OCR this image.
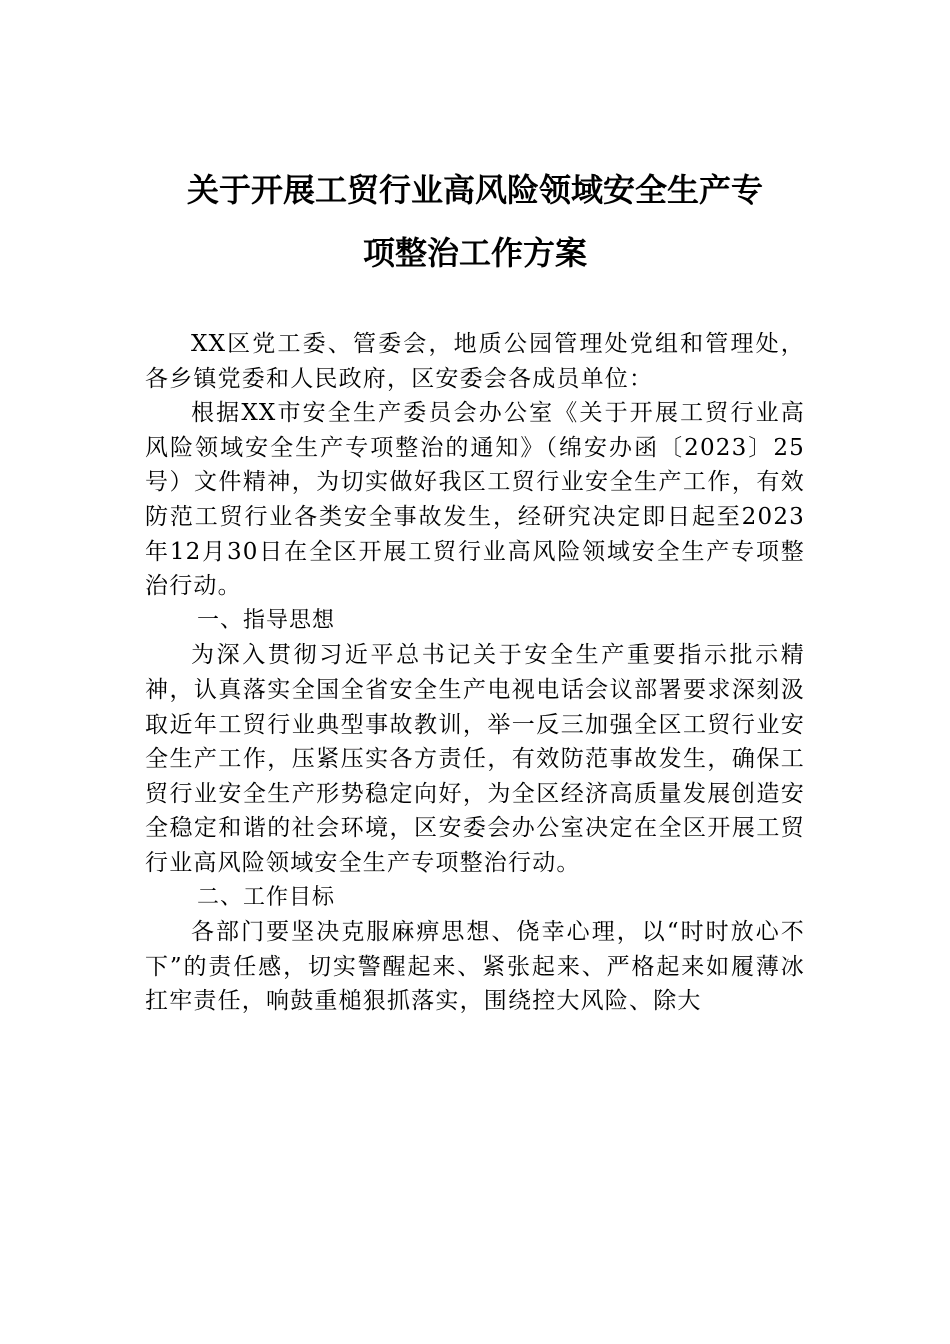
关于开展工贸行业高风险领域安全生产专
项整治工作方案

XX区党工委、管委会，地质公园管理处党组和管理处，各乡镇党委和人民政府，区安委会各成员单位：

根据XX市安全生产委员会办公室《关于开展工贸行业高风险领域安全生产专项整治的通知》（绵安办函〔2023〕25号）文件精神，为切实做好我区工贸行业安全生产工作，有效防范工贸行业各类安全事故发生，经研究决定即日起至2023年12月30日在全区开展工贸行业高风险领域安全生产专项整治行动。

一、指导思想

为深入贯彻习近平总书记关于安全生产重要指示批示精神，认真落实全国全省安全生产电视电话会议部署要求深刻汲取近年工贸行业典型事故教训，举一反三加强全区工贸行业安全生产工作，压紧压实各方责任，有效防范事故发生，确保工贸行业安全生产形势稳定向好，为全区经济高质量发展创造安全稳定和谐的社会环境，区安委会办公室决定在全区开展工贸行业高风险领域安全生产专项整治行动。

二、工作目标

各部门要坚决克服麻痹思想、侥幸心理，以“时时放心不下”的责任感，切实警醒起来、紧张起来、严格起来如履薄冰扛牢责任，响鼓重槌狠抓落实，围绕控大风险、除大
